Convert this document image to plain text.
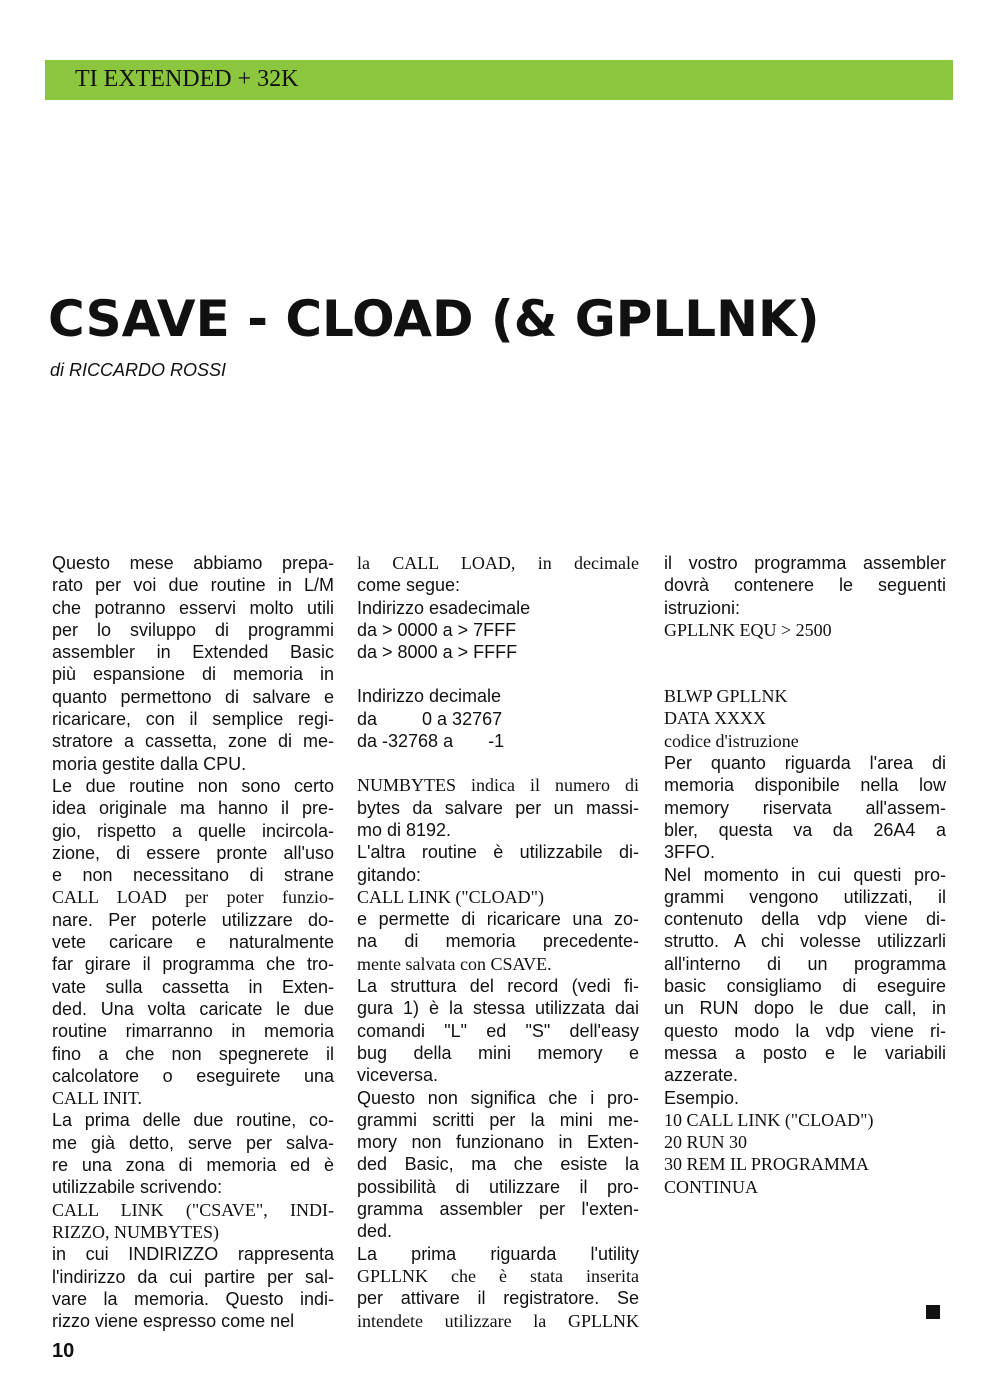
TI EXTENDED + 32K
CSAVE - CLOAD (& GPLLNK)
di RICCARDO ROSSI
Questo mese abbiamo prepa-
rato per voi due routine in L/M
che potranno esservi molto utili
per lo sviluppo di programmi
assembler in Extended Basic
più espansione di memoria in
quanto permettono di salvare e
ricaricare, con il semplice regi-
stratore a cassetta, zone di me-
moria gestite dalla CPU.
Le due routine non sono certo
idea originale ma hanno il pre-
gio, rispetto a quelle incircola-
zione, di essere pronte all'uso
e non necessitano di strane
CALL LOAD per poter funzio-
nare. Per poterle utilizzare do-
vete caricare e naturalmente
far girare il programma che tro-
vate sulla cassetta in Exten-
ded. Una volta caricate le due
routine rimarranno in memoria
fino a che non spegnerete il
calcolatore o eseguirete una
CALL INIT.
La prima delle due routine, co-
me già detto, serve per salva-
re una zona di memoria ed è
utilizzabile scrivendo:
CALL LINK ("CSAVE", INDI-
RIZZO, NUMBYTES)
in cui INDIRIZZO rappresenta
l'indirizzo da cui partire per sal-
vare la memoria. Questo indi-
rizzo viene espresso come nel
la CALL LOAD, in decimale
come segue:
Indirizzo esadecimale
da > 0000 a > 7FFF
da > 8000 a > FFFF
Indirizzo decimale
da         0 a 32767
da -32768 a       -1
NUMBYTES indica il numero di
bytes da salvare per un massi-
mo di 8192.
L'altra routine è utilizzabile di-
gitando:
CALL LINK ("CLOAD")
e permette di ricaricare una zo-
na di memoria precedente-
mente salvata con CSAVE.
La struttura del record (vedi fi-
gura 1) è la stessa utilizzata dai
comandi "L" ed "S" dell'easy
bug della mini memory e
viceversa.
Questo non significa che i pro-
grammi scritti per la mini me-
mory non funzionano in Exten-
ded Basic, ma che esiste la
possibilità di utilizzare il pro-
gramma assembler per l'exten-
ded.
La prima riguarda l'utility
GPLLNK che è stata inserita
per attivare il registratore. Se
intendete utilizzare la GPLLNK
il vostro programma assembler
dovrà contenere le seguenti
istruzioni:
GPLLNK EQU > 2500
BLWP GPLLNK
DATA XXXX
codice d'istruzione
Per quanto riguarda l'area di
memoria disponibile nella low
memory riservata all'assem-
bler, questa va da 26A4 a
3FFO.
Nel momento in cui questi pro-
grammi vengono utilizzati, il
contenuto della vdp viene di-
strutto. A chi volesse utilizzarli
all'interno di un programma
basic consigliamo di eseguire
un RUN dopo le due call, in
questo modo la vdp viene ri-
messa a posto e le variabili
azzerate.
Esempio.
10 CALL LINK ("CLOAD")
20 RUN 30
30 REM IL PROGRAMMA
CONTINUA
10
